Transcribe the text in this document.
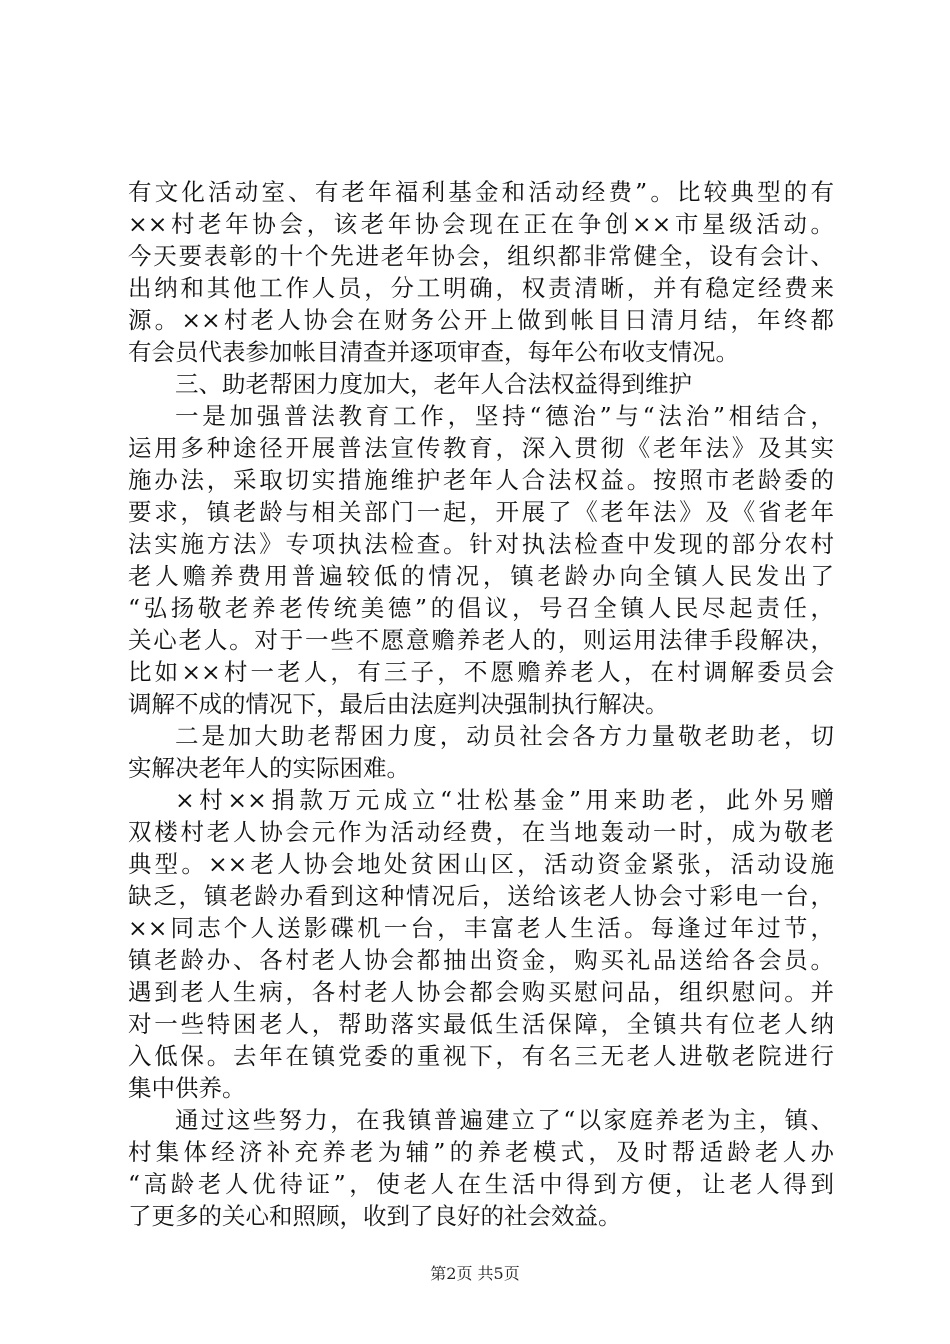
有文化活动室、有老年福利基金和活动经费”。比较典型的有
××村老年协会，该老年协会现在正在争创××市星级活动。
今天要表彰的十个先进老年协会，组织都非常健全，设有会计、
出纳和其他工作人员，分工明确，权责清晰，并有稳定经费来
源。××村老人协会在财务公开上做到帐目日清月结，年终都
有会员代表参加帐目清查并逐项审查，每年公布收支情况。
三、助老帮困力度加大，老年人合法权益得到维护
一是加强普法教育工作，坚持“德治”与“法治”相结合，
运用多种途径开展普法宣传教育，深入贯彻《老年法》及其实
施办法，采取切实措施维护老年人合法权益。按照市老龄委的
要求，镇老龄与相关部门一起，开展了《老年法》及《省老年
法实施方法》专项执法检查。针对执法检查中发现的部分农村
老人赡养费用普遍较低的情况，镇老龄办向全镇人民发出了
“弘扬敬老养老传统美德”的倡议，号召全镇人民尽起责任，
关心老人。对于一些不愿意赡养老人的，则运用法律手段解决，
比如××村一老人，有三子，不愿赡养老人，在村调解委员会
调解不成的情况下，最后由法庭判决强制执行解决。
二是加大助老帮困力度，动员社会各方力量敬老助老，切
实解决老年人的实际困难。
×村××捐款万元成立“壮松基金”用来助老，此外另赠
双楼村老人协会元作为活动经费，在当地轰动一时，成为敬老
典型。××老人协会地处贫困山区，活动资金紧张，活动设施
缺乏，镇老龄办看到这种情况后，送给该老人协会寸彩电一台，
××同志个人送影碟机一台，丰富老人生活。每逢过年过节，
镇老龄办、各村老人协会都抽出资金，购买礼品送给各会员。
遇到老人生病，各村老人协会都会购买慰问品，组织慰问。并
对一些特困老人，帮助落实最低生活保障，全镇共有位老人纳
入低保。去年在镇党委的重视下，有名三无老人进敬老院进行
集中供养。
通过这些努力，在我镇普遍建立了“以家庭养老为主，镇、
村集体经济补充养老为辅”的养老模式，及时帮适龄老人办
“高龄老人优待证”，使老人在生活中得到方便，让老人得到
了更多的关心和照顾，收到了良好的社会效益。
第2页 共5页
